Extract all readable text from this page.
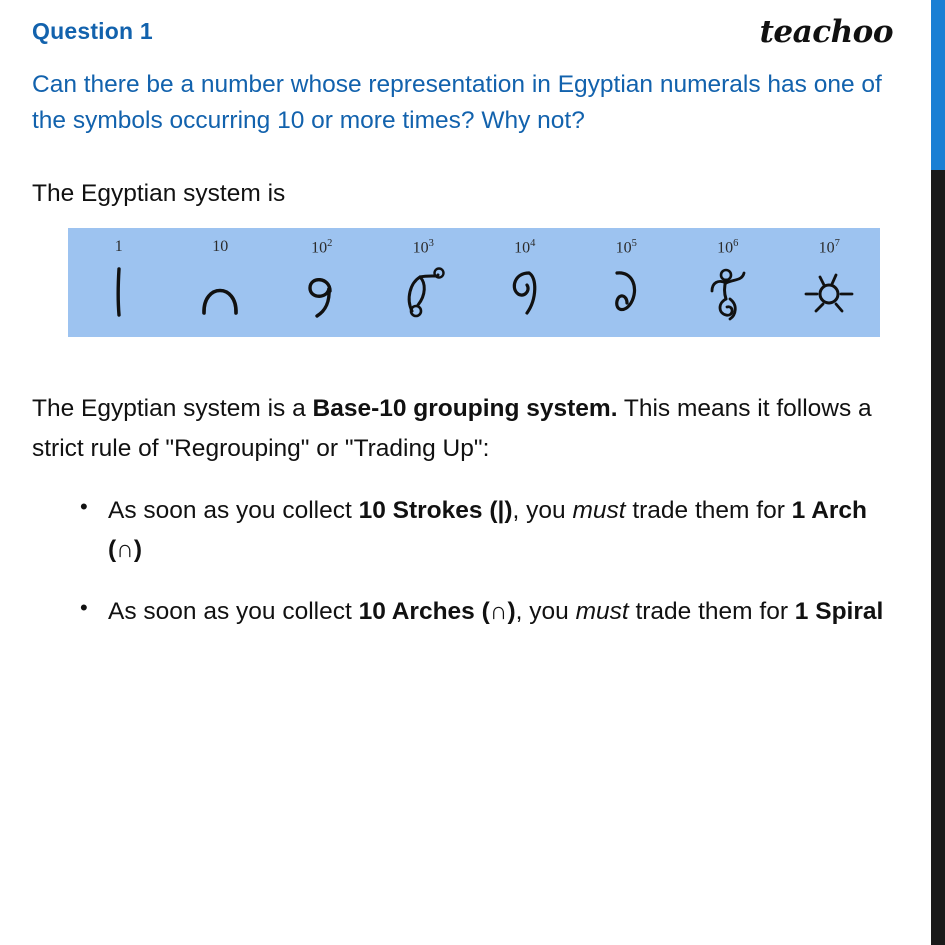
Question 1	teachoo
Can there be a number whose representation in Egyptian numerals has one of the symbols occurring 10 or more times? Why not?
The Egyptian system is
1	10	$10^2$	$10^3$	$10^4$	$10^5$	$10^6$	$10^7$
The Egyptian system is a Base-10 grouping system. This means it follows a strict rule of "Regrouping" or "Trading Up":
• As soon as you collect 10 Strokes (|), you must trade them for 1 Arch (∩)
• As soon as you collect 10 Arches (∩), you must trade them for 1 Spiral
